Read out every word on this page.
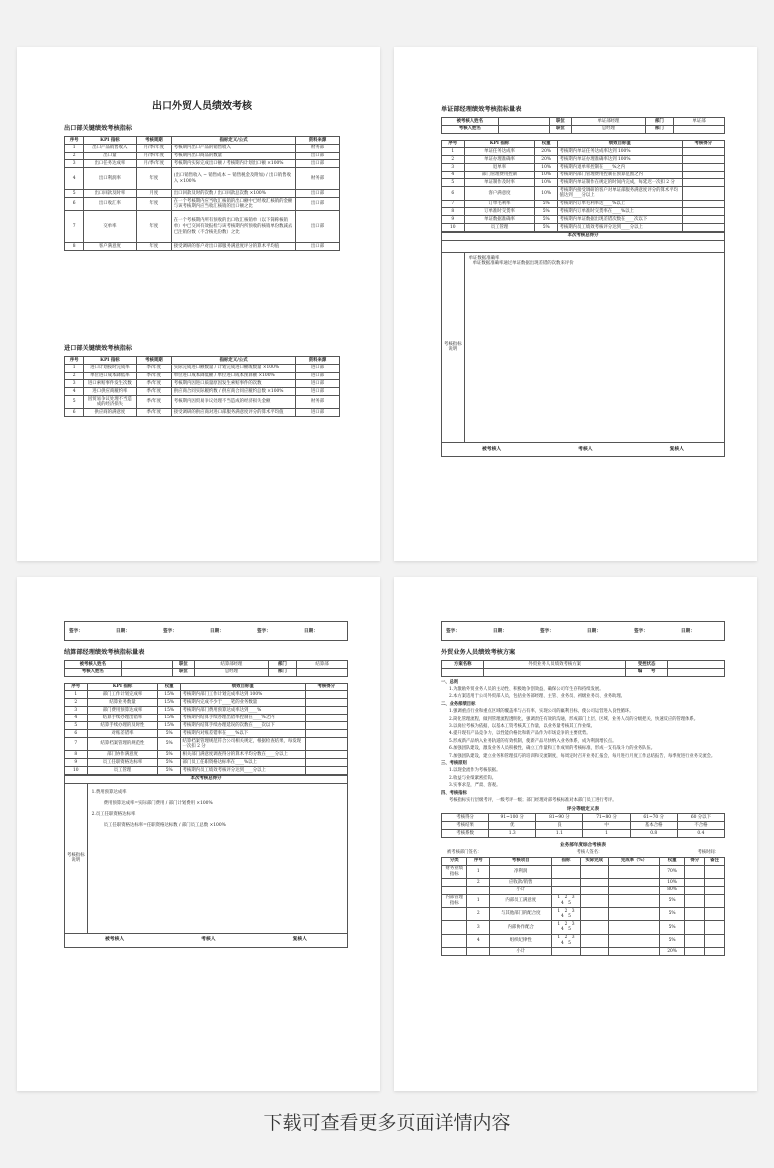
出口外贸人员绩效考核

出口部关键绩效考核指标

序号	KPI 指标	考核周期	指标定义/公式	资料来源
1	出口产品销售收入	月/季/年度	考核期内出口产品的销售收入	财务部
2	出口量	月/季/年度	考核期内出口商品的数量	出口部
3	出口任务达成率	月/季/年度	考核期内实际完成出口额 / 考核期内计划出口额 ×100%	出口部
4	出口利润率	年度	(出口销售收入 − 销售成本 − 销售税金及附加) / 出口销售收入 ×100%	财务部
5	出口回款及时率	月度	出口回款及时的次数 / 出口回款总次数 ×100%	出口部
6	出口收汇率	年度	在一个考核期内应当收汇核销的出口额中已经收汇核销的金额与该考核期内应当收汇核销的出口额之比	出口部
7	交单率	年度	在一个考核期内所有预收的出口收汇核销单（以下简称核销单）中已交回有效报检与该考核期内所预收的核销单份数减去已注销份数（不含核先份数）之比	出口部
8	客户满意度	年度	接受调研的客户对出口部服务满意度评分的算术平均值	出口部

进口部关键绩效考核指标

序号	KPI 指标	考核周期	指标定义/公式	资料来源
1	进口计划按时完成率	季/年度	实际完成进口额数量 / 计划完成进口额或数量 ×100%	进口部
2	单位进口成本降低率	季/年度	单位进口成本降低额 / 单位进口成本预算额 ×100%	进口部
3	进口索赔事件发生次数	季/年度	考核期内因进口质量原因发生索赔事件的次数	进口部
4	进口供应商履约率	季/年度	供应商合同实际履约数 / 供应商合同应履约总数 ×100%	进口部
5	因贸易争议处理不当造成的经济损失	季/年度	考核期内因贸易争议处理不当造成的经济损失金额	财务部
6	供应商的满意度	季/年度	接受调研的供应商对进口部服务满意度评分的算术平均值	进口部

单证部经理绩效考核指标量表

被考核人姓名		职位	单证部经理	部门	单证部
考核人姓名		职位	总经理	部门	
序号	KPI 指标	权重	绩效目标值	考核得分
1	单证任务达成率	20%	考核期内单证任务达成率达到 100%	
2	单证办理准确率	20%	考核期内单证办理准确率达到 100%	
3	退单率	10%	考核期内退单率控制在____%之内	
4	部门管理费用控制	10%	考核期内部门管理费用控制在预算范围之内	
5	单证制作及时率	10%	考核期内单证制作在规定的时间内完成，每延迟一次扣 2 分	
6	客户满意度	10%	考核期内接受调研的客户对单证部服务满意度评分的算术平均值达到____分以上	
7	订单毛利率	5%	考核期内订单毛利率达____%以上	
8	订单准时交货率	5%	考核期内订单准时交货率在____%以上	
9	单证数据准确率	5%	考核期内单证数据出现差错次数在____次以下	
10	员工管理	5%	考核期内员工绩效考核评分达到____分以上	
本次考核总得分

考核指标说明	
单证数据准确率
单证数据准确率通过单证数据出现差错的次数来评价

被考核人	考核人	复核人
签字：	日期：	签字：	日期：	签字：	日期：

结算部经理绩效考核指标量表

被考核人姓名		职位	结算部经理	部门	结算部
考核人姓名		职位	总经理	部门	
序号	KPI 指标	权重	绩效目标值	考核得分
1	部门工作计划完成率	15%	考核期内部门工作计划完成率达到 100%	
2	结算业务数量	15%	考核期内完成不少于____笔的业务数量	
3	部门费用预算达成率	15%	考核期内部门费用预算达成率达到____%	
4	结算手续办理出错率	15%	考核期内结算手续办理出错率控制在____%之内	
5	结算手续办理的及时性	15%	考核期内结算手续办理延误的次数在____次以下	
6	对账差错率	5%	考核期内对账差错率在____%以下	
7	结算档案管理的规范性	5%	结算档案管理规范符合公司相关规定，根据检查结果，每发现一次扣 2 分	
8	部门协作满意度	5%	相关部门满意度调查得分的算术平均分数在____分以上	
9	员工任职资格达标率	5%	部门员工任职资格达标率在____%以上	
10	员工管理	5%	考核期内员工绩效考核评分达到____分以上	
本次考核总得分
考核指标说明	
1.费用预算达成率
费用预算达成率=实际部门费用 / 部门计划费用 ×100%
2.员工任职资格达标率
员工任职资格达标率=任职资格达标数 / 部门员工总数 ×100%

被考核人	考核人	复核人
签字：	日期：	签字：	日期：	签字：	日期：

外贸业务人员绩效考核方案

方案名称	外贸业务人员绩效考核方案	受控状态	
		编　　号	

一、总则

1.为激励外贸业务人员的主动性、积极地争创效益，确保公司年生存和持续发展。

2.本方案适用于公司外贸部人员，包括业务部经理、主管、业务员、初级业务员、业务助理。

二、业务部绩目标

1.强调重点行业和重点区域的覆盖率与占有率，实现公司的赢利目标，使公司运营进入良性循环。

2.简化管理流程，做到管理流程透明化，强调责任有效的沟通，形成部门上层、区域、业务人员的分级把关、快速反应的管理体系。

3.以岗位考核为依据，以基本工资考核其工作量，以业务量考核其工作业绩。

4.提升现有产品竞争力，以性能价格比和新产品作为市场竞争的主要优势。

5.形成新产品纳入业务轨道的有效机制，使新产品尽快纳入业务体系，成为利润增长点。

6.加强团队建设，激发业务人员积极性，确立工作量和工作成果的考核标准，形成一支有战斗力的业务队伍。

7.加强团队建设，建立业务和管理技巧的培训和交流制度，每周定时召开业务汇报会，每月进行月度工作总结报告，每季度进行业务交流会。

三、考核原则

1.以现金流作为考核依据。

2.收益与业绩紧密挂钩。

3.实事求是，严肃、客观。

四、考核指标

考核指标实行层级考评，一级考评一级；部门经理对部考核标准对本部门员工进行考评。

评分等级定义表

考核得分	91~100 分	81~90 分	71~80 分	61~70 分	60 分以下
考核结果	优	良	中	基本合格	不合格
考核系数	1.3	1.1	1	0.8	0.4

业务部年度综合考核表

被考核部门签名：	考核人签名：	考核时间：
分类	序号	考核项目	指标	实际完成	完成率（%）	权重	得分	备注
财务业绩指标	1	净利润				70%		
	2	应收款/销售				10%		
		小计				80%		
内部管理指标	1	内部员工满意度	1　2　3　4　5			5%		
	2	与其他部门的配合度	1　2　3　4　5			5%		
	3	内部协作配合	1　2　3　4　5			5%		
	4	组织纪律性	1　2　3　4　5			5%		
		小计				20%		
下载可查看更多页面详情内容
